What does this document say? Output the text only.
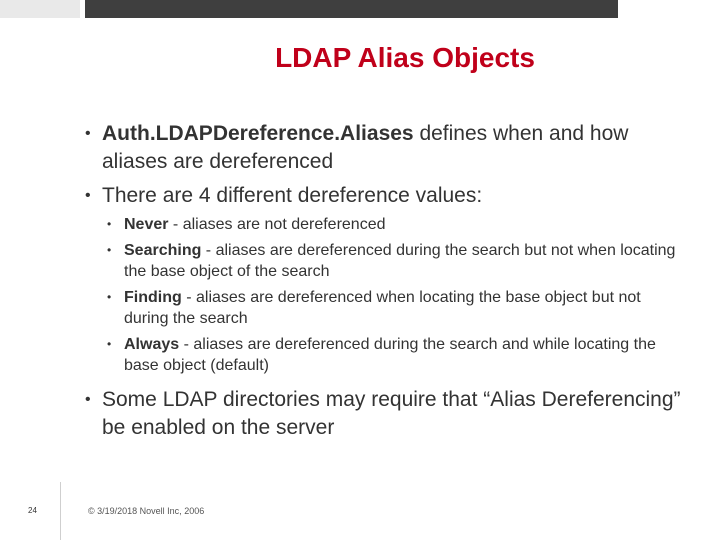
LDAP Alias Objects
• Auth.LDAPDereference.Aliases defines when and how aliases are dereferenced
• There are 4 different dereference values:
• Never - aliases are not dereferenced
• Searching - aliases are dereferenced during the search but not when locating the base object of the search
• Finding - aliases are dereferenced when locating the base object but not during the search
• Always - aliases are dereferenced during the search and while locating the base object (default)
• Some LDAP directories may require that “Alias Dereferencing” be enabled on the server
24	© 3/19/2018 Novell Inc, 2006
